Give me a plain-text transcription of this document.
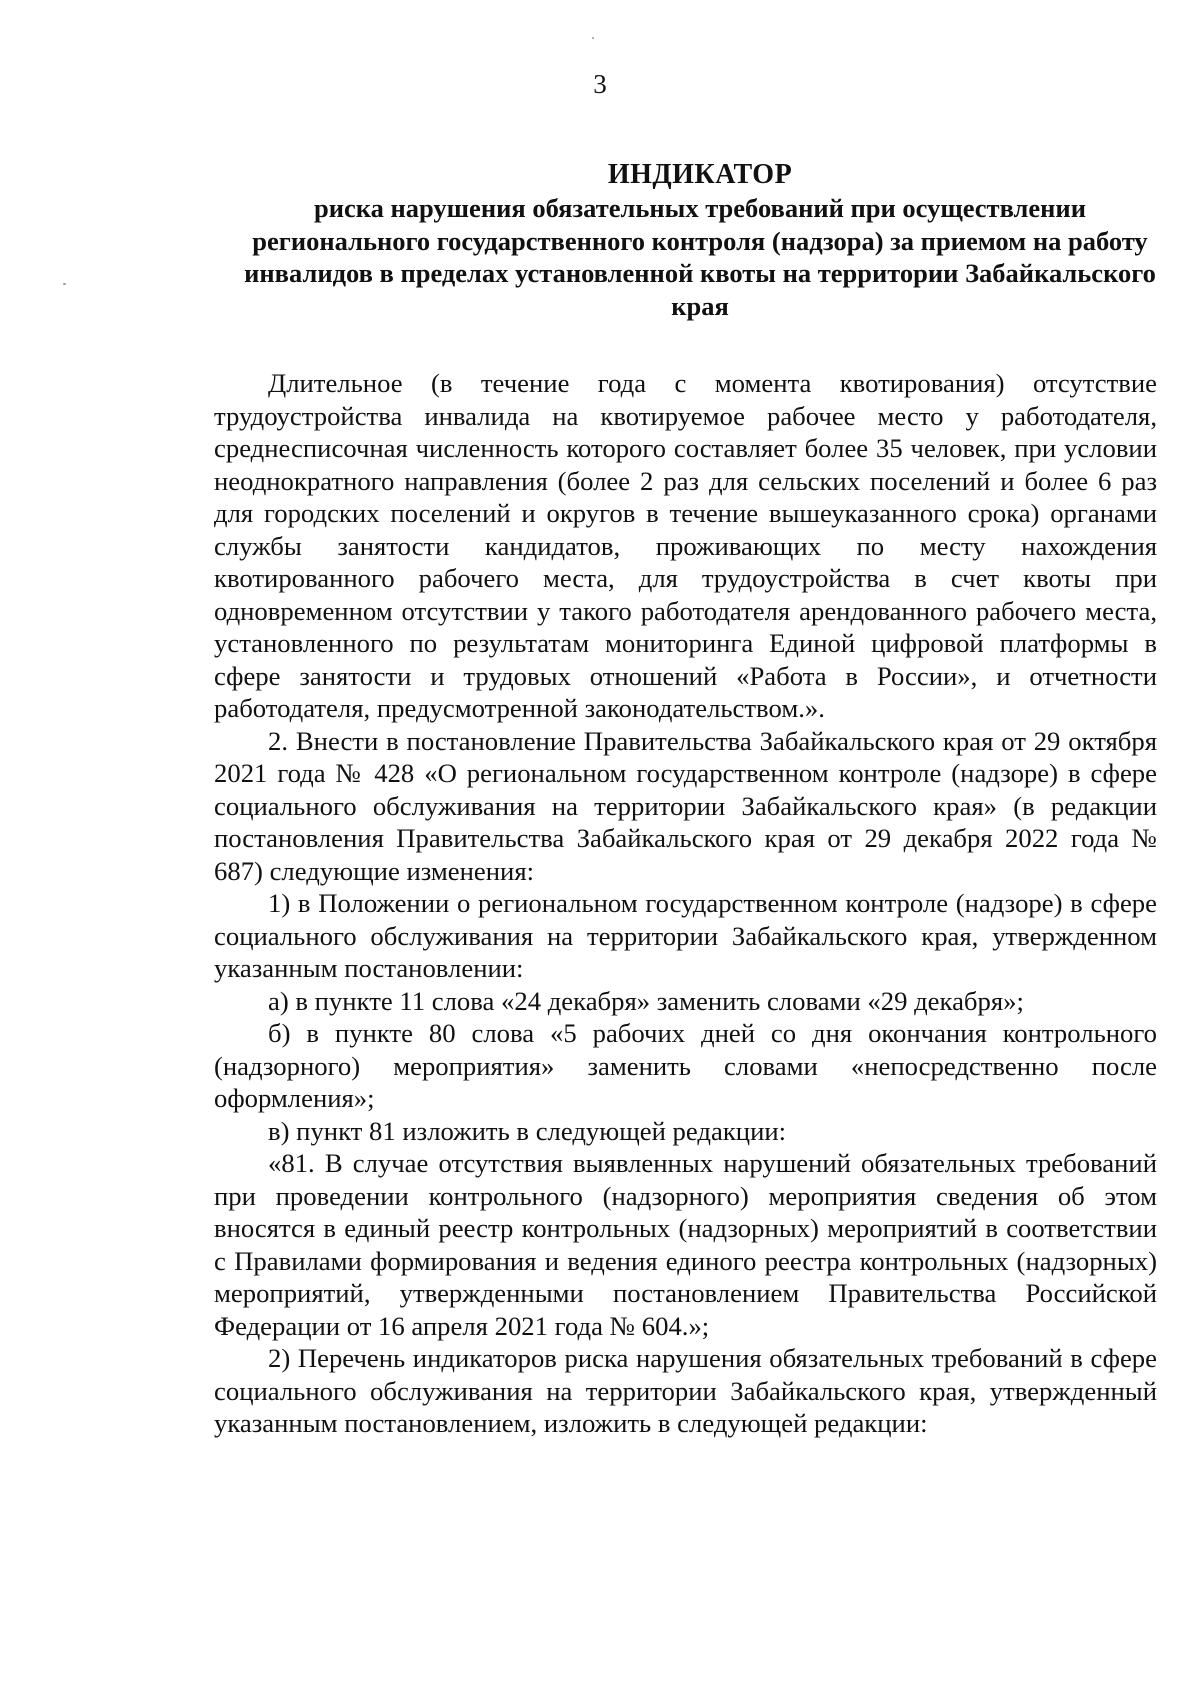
3
ИНДИКАТОР
риска нарушения обязательных требований при осуществлении регионального государственного контроля (надзора) за приемом на работу инвалидов в пределах установленной квоты на территории Забайкальского края

Длительное (в течение года с момента квотирования) отсутствие трудоустройства инвалида на квотируемое рабочее место у работодателя, среднесписочная численность которого составляет более 35 человек, при условии неоднократного направления (более 2 раз для сельских поселений и более 6 раз для городских поселений и округов в течение вышеуказанного срока) органами службы занятости кандидатов, проживающих по месту нахождения квотированного рабочего места, для трудоустройства в счет квоты при одновременном отсутствии у такого работодателя арендованного рабочего места, установленного по результатам мониторинга Единой цифровой платформы в сфере занятости и трудовых отношений «Работа в России», и отчетности работодателя, предусмотренной законодательством.».

2. Внести в постановление Правительства Забайкальского края от 29 октября 2021 года № 428 «О региональном государственном контроле (надзоре) в сфере социального обслуживания на территории Забайкальского края» (в редакции постановления Правительства Забайкальского края от 29 декабря 2022 года № 687) следующие изменения:

1) в Положении о региональном государственном контроле (надзоре) в сфере социального обслуживания на территории Забайкальского края, утвержденном указанным постановлении:

а) в пункте 11 слова «24 декабря» заменить словами «29 декабря»;

б) в пункте 80 слова «5 рабочих дней со дня окончания контрольного (надзорного) мероприятия» заменить словами «непосредственно после оформления»;

в) пункт 81 изложить в следующей редакции:

«81. В случае отсутствия выявленных нарушений обязательных требований при проведении контрольного (надзорного) мероприятия сведения об этом вносятся в единый реестр контрольных (надзорных) мероприятий в соответствии с Правилами формирования и ведения единого реестра контрольных (надзорных) мероприятий, утвержденными постановлением Правительства Российской Федерации от 16 апреля 2021 года № 604.»;

2) Перечень индикаторов риска нарушения обязательных требований в сфере социального обслуживания на территории Забайкальского края, утвержденный указанным постановлением, изложить в следующей редакции:
